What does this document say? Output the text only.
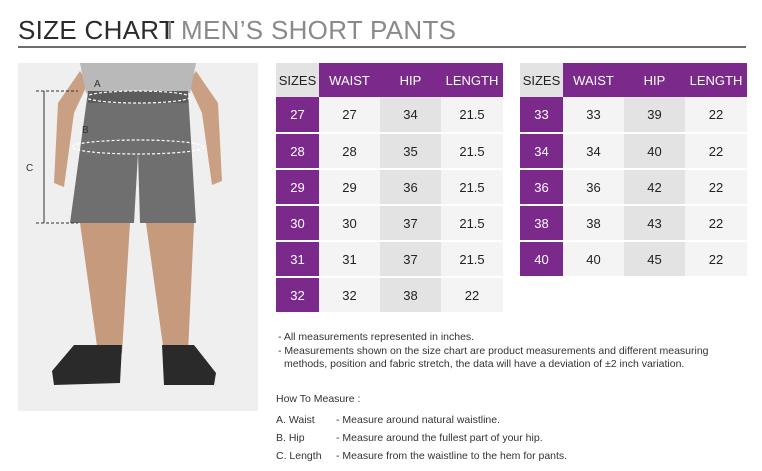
SIZE CHART
I MEN’S SHORT PANTS
A
B
C
SIZES	WAIST	HIP	LENGTH
27	27	34	21.5
28	28	35	21.5
29	29	36	21.5
30	30	37	21.5
31	31	37	21.5
32	32	38	22
SIZES	WAIST	HIP	LENGTH
33	33	39	22
34	34	40	22
36	36	42	22
38	38	43	22
40	40	45	22
- All measurements represented in inches.
- Measurements shown on the size chart are product measurements and different measuring methods, position and fabric stretch, the data will have a deviation of ±2 inch variation.
How To Measure :
A. Waist	- Measure around natural waistline.
B. Hip	- Measure around the fullest part of your hip.
C. Length	- Measure from the waistline to the hem for pants.
